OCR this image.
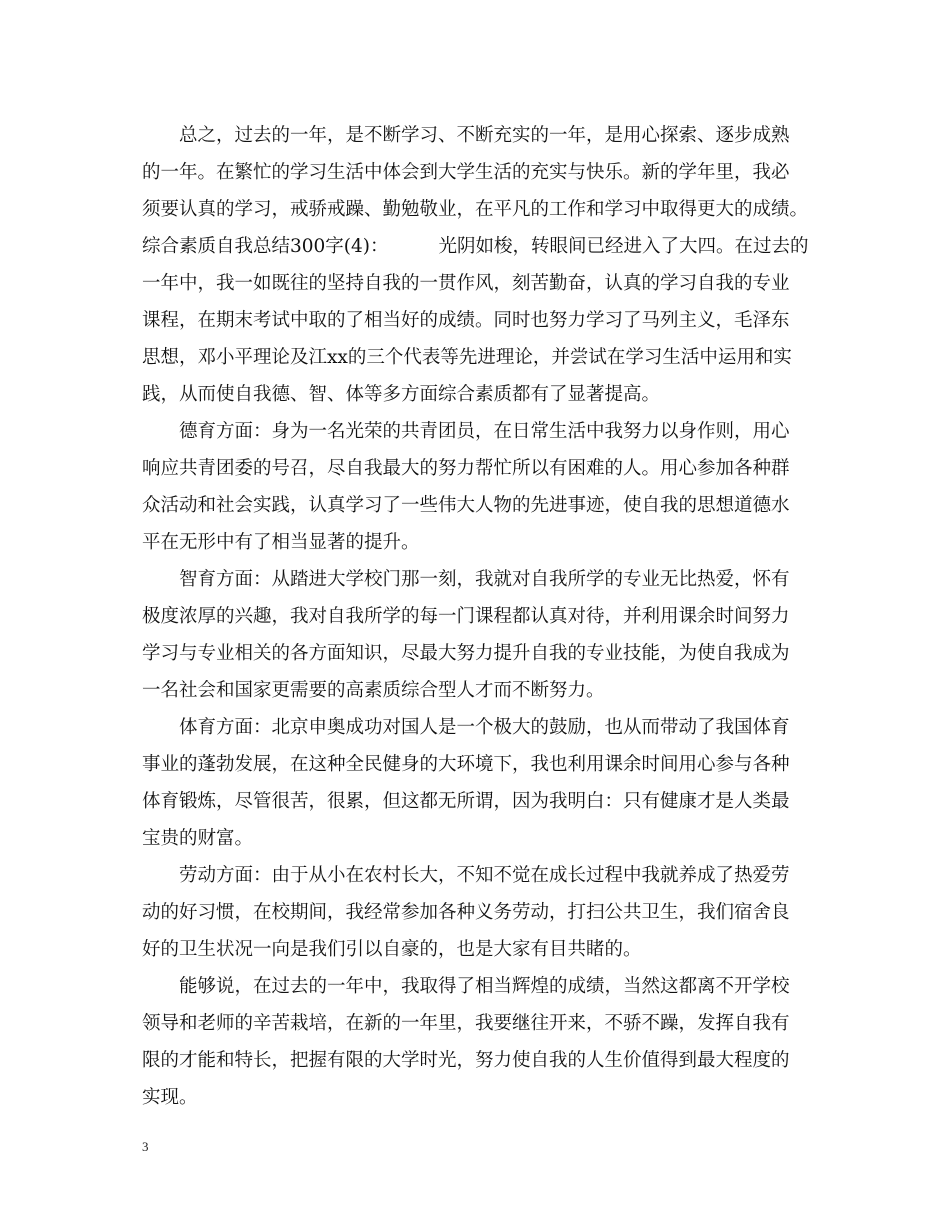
总之，过去的一年，是不断学习、不断充实的一年，是用心探索、逐步成熟
的一年。在繁忙的学习生活中体会到大学生活的充实与快乐。新的学年里，我必
须要认真的学习，戒骄戒躁、勤勉敬业，在平凡的工作和学习中取得更大的成绩。
综合素质自我总结300字(4)：	光阴如梭，转眼间已经进入了大四。在过去的
一年中，我一如既往的坚持自我的一贯作风，刻苦勤奋，认真的学习自我的专业
课程，在期末考试中取的了相当好的成绩。同时也努力学习了马列主义，毛泽东
思想，邓小平理论及江xx的三个代表等先进理论，并尝试在学习生活中运用和实
践，从而使自我德、智、体等多方面综合素质都有了显著提高。
德育方面：身为一名光荣的共青团员，在日常生活中我努力以身作则，用心
响应共青团委的号召，尽自我最大的努力帮忙所以有困难的人。用心参加各种群
众活动和社会实践，认真学习了一些伟大人物的先进事迹，使自我的思想道德水
平在无形中有了相当显著的提升。
智育方面：从踏进大学校门那一刻，我就对自我所学的专业无比热爱，怀有
极度浓厚的兴趣，我对自我所学的每一门课程都认真对待，并利用课余时间努力
学习与专业相关的各方面知识，尽最大努力提升自我的专业技能，为使自我成为
一名社会和国家更需要的高素质综合型人才而不断努力。
体育方面：北京申奥成功对国人是一个极大的鼓励，也从而带动了我国体育
事业的蓬勃发展，在这种全民健身的大环境下，我也利用课余时间用心参与各种
体育锻炼，尽管很苦，很累，但这都无所谓，因为我明白：只有健康才是人类最
宝贵的财富。
劳动方面：由于从小在农村长大，不知不觉在成长过程中我就养成了热爱劳
动的好习惯，在校期间，我经常参加各种义务劳动，打扫公共卫生，我们宿舍良
好的卫生状况一向是我们引以自豪的，也是大家有目共睹的。
能够说，在过去的一年中，我取得了相当辉煌的成绩，当然这都离不开学校
领导和老师的辛苦栽培，在新的一年里，我要继往开来，不骄不躁，发挥自我有
限的才能和特长，把握有限的大学时光，努力使自我的人生价值得到最大程度的
实现。
3
